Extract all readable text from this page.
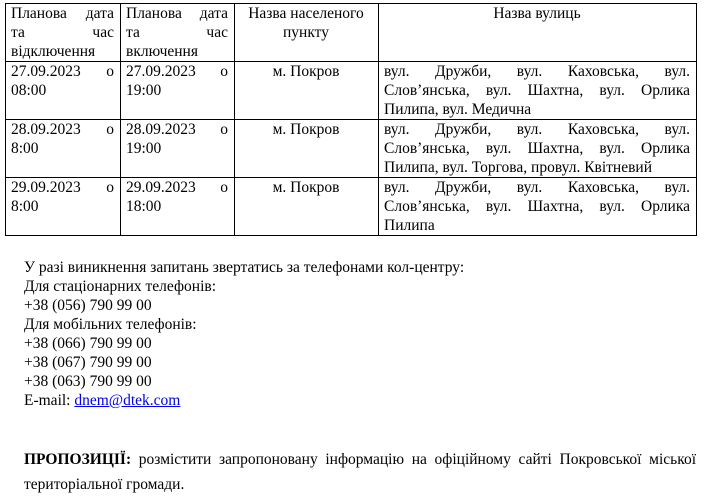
Планова дата та час відключення	Планова дата та час включення	Назва населеного пункту	Назва вулиць
27.09.2023 о 08:00	27.09.2023 о 19:00	м. Покров	вул. Дружби, вул. Каховська, вул. Слов’янська, вул. Шахтна, вул. Орлика Пилипа, вул. Медична
28.09.2023 о 8:00	28.09.2023 о 19:00	м. Покров	вул. Дружби, вул. Каховська, вул. Слов’янська, вул. Шахтна, вул. Орлика Пилипа, вул. Торгова, провул. Квітневий
29.09.2023 о 8:00	29.09.2023 о 18:00	м. Покров	вул. Дружби, вул. Каховська, вул. Слов’янська, вул. Шахтна, вул. Орлика Пилипа
У разі виникнення запитань звертатись за телефонами кол-центру:
Для стаціонарних телефонів:
+38 (056) 790 99 00
Для мобільних телефонів:
+38 (066) 790 99 00
+38 (067) 790 99 00
+38 (063) 790 99 00
E-mail: dnem@dtek.com

ПРОПОЗИЦІЇ: розмістити запропоновану інформацію на офіційному сайті Покровської міської територіальної громади.
